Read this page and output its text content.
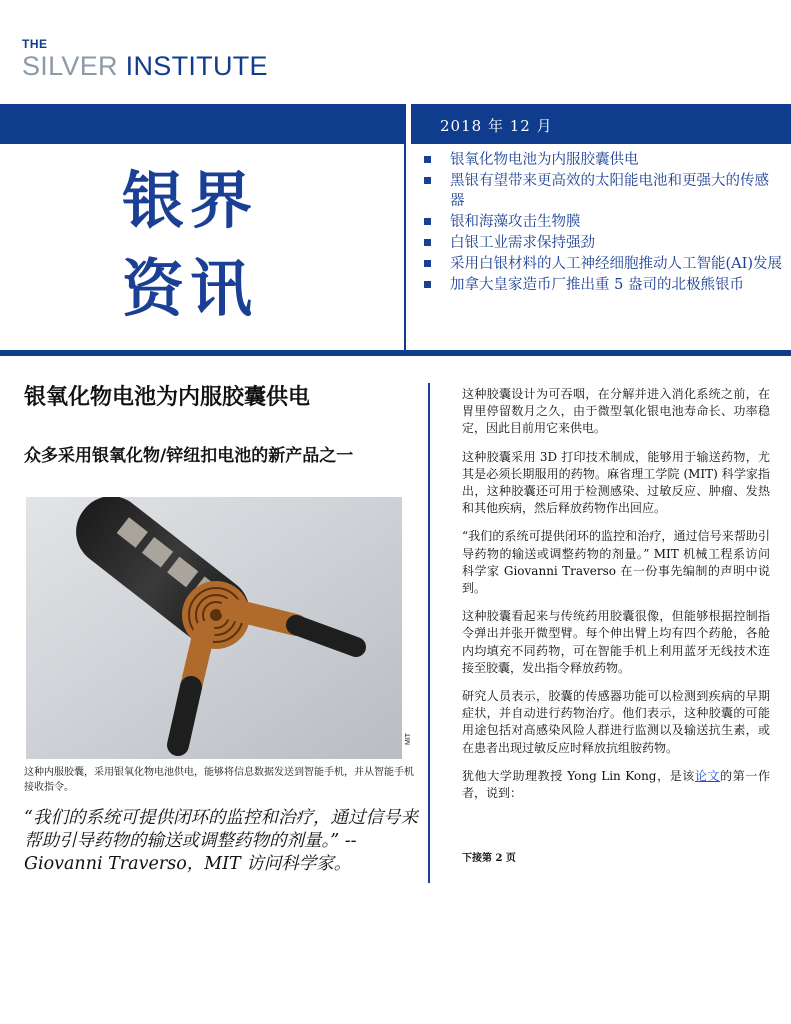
THE
SILVER INSTITUTE
2018 年 12 月
银界
资讯
银氧化物电池为内服胶囊供电
黑银有望带来更高效的太阳能电池和更强大的传感器
银和海藻攻击生物膜
白银工业需求保持强劲
采用白银材料的人工神经细胞推动人工智能(AI)发展
加拿大皇家造币厂推出重 5 盎司的北极熊银币
银氧化物电池为内服胶囊供电
众多采用银氧化物/锌纽扣电池的新产品之一
MIT

这种内服胶囊，采用银氧化物电池供电，能够将信息数据发送到智能手机，并从智能手机接收指令。

“我们的系统可提供闭环的监控和治疗，通过信号来帮助引导药物的输送或调整药物的剂量。” -- Giovanni Traverso，MIT 访问科学家。

这种胶囊设计为可吞咽，在分解并进入消化系统之前，在胃里停留数月之久，由于微型氧化银电池寿命长、功率稳定，因此目前用它来供电。

这种胶囊采用 3D 打印技术制成，能够用于输送药物，尤其是必须长期服用的药物。麻省理工学院 (MIT) 科学家指出，这种胶囊还可用于检测感染、过敏反应、肿瘤、发热和其他疾病，然后释放药物作出回应。

“我们的系统可提供闭环的监控和治疗，通过信号来帮助引导药物的输送或调整药物的剂量。” MIT 机械工程系访问科学家 Giovanni Traverso 在一份事先编制的声明中说到。

这种胶囊看起来与传统药用胶囊很像，但能够根据控制指令弹出并张开微型臂。每个伸出臂上均有四个药舱，各舱内均填充不同药物，可在智能手机上利用蓝牙无线技术连接至胶囊，发出指令释放药物。

研究人员表示，胶囊的传感器功能可以检测到疾病的早期症状，并自动进行药物治疗。他们表示，这种胶囊的可能用途包括对高感染风险人群进行监测以及输送抗生素，或在患者出现过敏反应时释放抗组胺药物。

犹他大学助理教授 Yong Lin Kong，是该论文的第一作者，说到：

下接第 2 页
